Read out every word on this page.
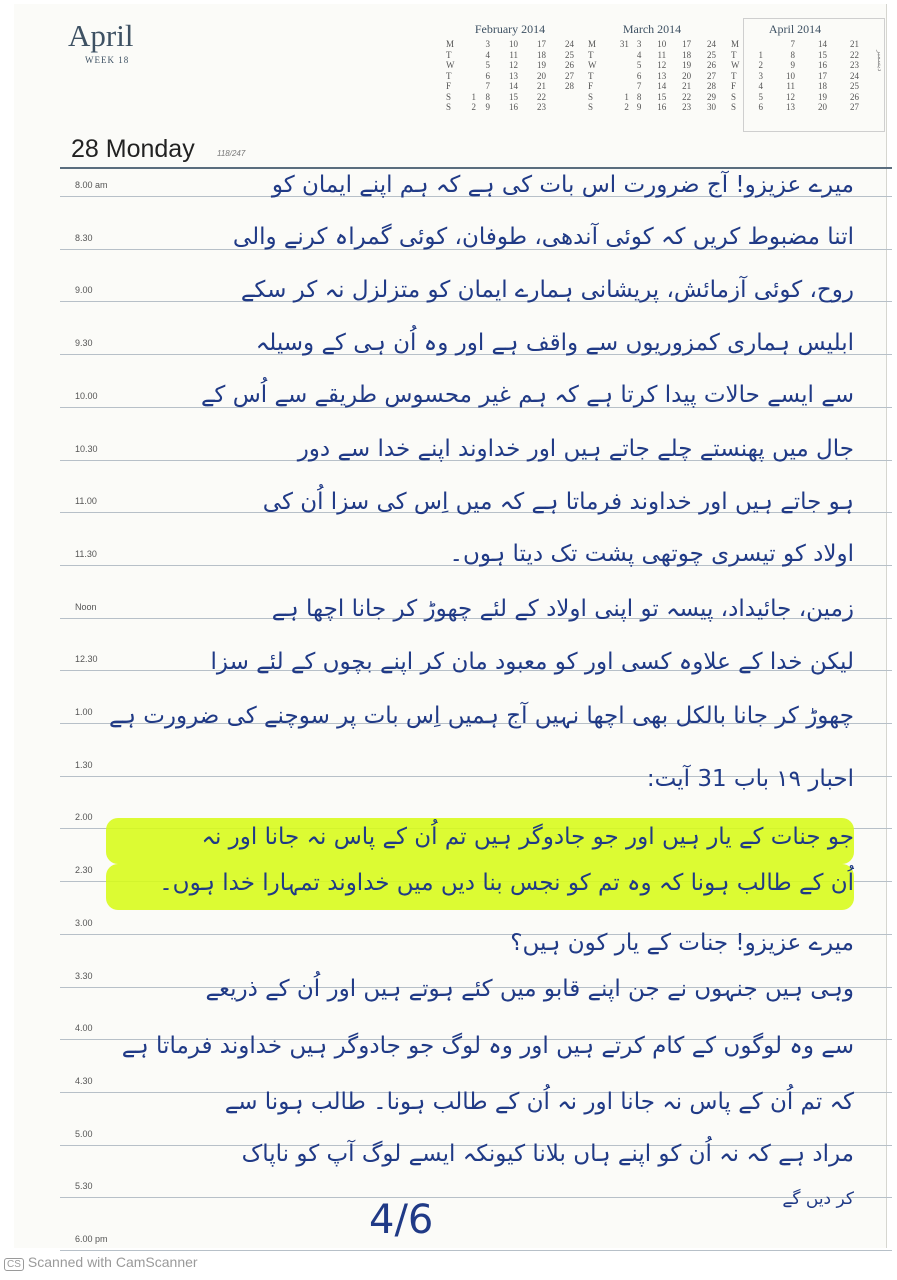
April
WEEK 18
February 2014
M		3	10	17	24
T		4	11	18	25
W		5	12	19	26
T		6	13	20	27
F		7	14	21	28
S	1	8	15	22	
S	2	9	16	23	
March 2014
M	31	3	10	17	24
T		4	11	18	25
W		5	12	19	26
T		6	13	20	27
F		7	14	21	28
S	1	8	15	22	29
S	2	9	16	23	30
April 2014
M		7	14	21	
T	1	8	15	22	
W	2	9	16	23	
T	3	10	17	24	
F	4	11	18	25	
S	5	12	19	26	
S	6	13	20	27	
ديسمبر
28 Monday	118/247
8.00 am
8.30
9.00
9.30
10.00
10.30
11.00
11.30
Noon
12.30
1.00
1.30
2.00
2.30
3.00
3.30
4.00
4.30
5.00
5.30
6.00 pm
میرے عزیزو! آج ضرورت اس بات کی ہے کہ ہم اپنے ایمان کو
اتنا مضبوط کریں کہ کوئی آندھی، طوفان، کوئی گمراہ کرنے والی
روح، کوئی آزمائش، پریشانی ہمارے ایمان کو متزلزل نہ کر سکے
ابلیس ہماری کمزوریوں سے واقف ہے اور وہ اُن ہی کے وسیلہ
سے ایسے حالات پیدا کرتا ہے کہ ہم غیر محسوس طریقے سے اُس کے
جال میں پھنستے چلے جاتے ہیں اور خداوند اپنے خدا سے دور
ہو جاتے ہیں اور خداوند فرماتا ہے کہ میں اِس کی سزا اُن کی
اولاد کو تیسری چوتھی پشت تک دیتا ہوں۔
زمین، جائیداد، پیسہ تو اپنی اولاد کے لئے چھوڑ کر جانا اچھا ہے
لیکن خدا کے علاوہ کسی اور کو معبود مان کر اپنے بچوں کے لئے سزا
چھوڑ کر جانا بالکل بھی اچھا نہیں آج ہمیں اِس بات پر سوچنے کی ضرورت ہے
احبار ۱۹ باب 31 آیت:
جو جنات کے یار ہیں اور جو جادوگر ہیں تم اُن کے پاس نہ جانا اور نہ
اُن کے طالب ہونا کہ وہ تم کو نجس بنا دیں میں خداوند تمہارا خدا ہوں۔
میرے عزیزو! جنات کے یار کون ہیں؟
وہی ہیں جنہوں نے جن اپنے قابو میں کئے ہوتے ہیں اور اُن کے ذریعے
سے وہ لوگوں کے کام کرتے ہیں اور وہ لوگ جو جادوگر ہیں خداوند فرماتا ہے
کہ تم اُن کے پاس نہ جانا اور نہ اُن کے طالب ہونا۔ طالب ہونا سے
مراد ہے کہ نہ اُن کو اپنے ہاں بلانا کیونکہ ایسے لوگ آپ کو ناپاک
کر دیں گے
4/6
CS Scanned with CamScanner
